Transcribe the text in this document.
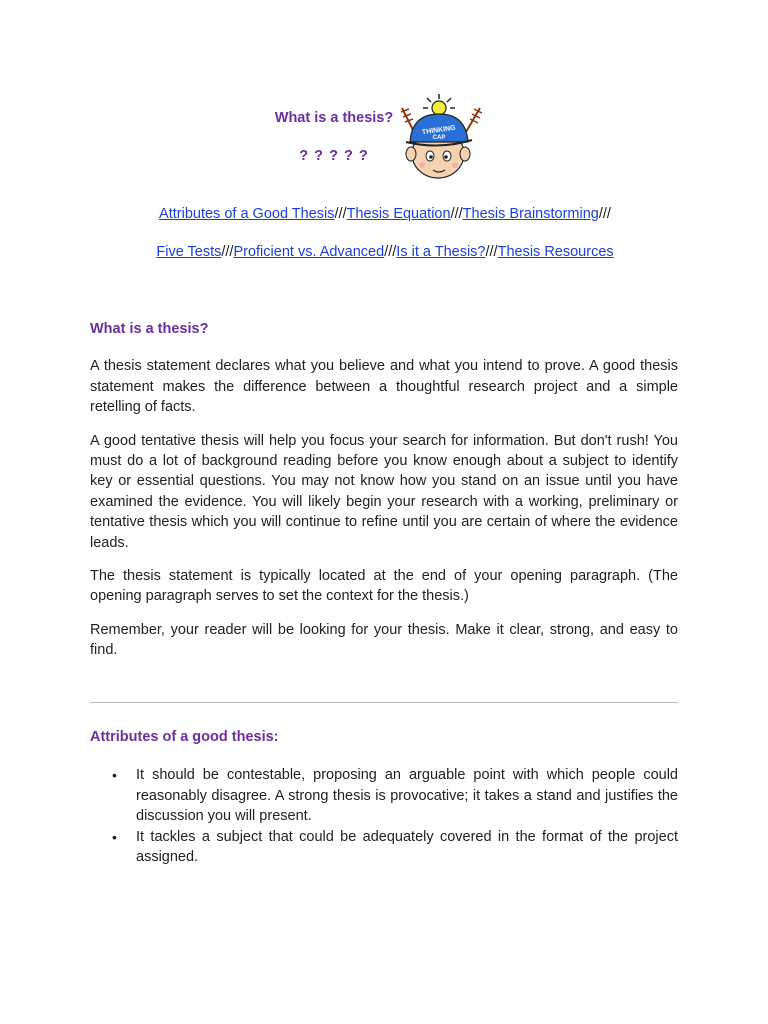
What is a thesis?
? ? ? ? ?
THINKING
CAP
Attributes of a Good Thesis///Thesis Equation///Thesis Brainstorming///
Five Tests///Proficient vs. Advanced///Is it a Thesis?///Thesis Resources
What is a thesis?

A thesis statement declares what you believe and what you intend to prove. A good thesis statement makes the difference between a thoughtful research project and a simple retelling of facts.

A good tentative thesis will help you focus your search for information. But don't rush! You must do a lot of background reading before you know enough about a subject to identify key or essential questions. You may not know how you stand on an issue until you have examined the evidence. You will likely begin your research with a working, preliminary or tentative thesis which you will continue to refine until you are certain of where the evidence leads.

The thesis statement is typically located at the end of your opening paragraph. (The opening paragraph serves to set the context for the thesis.)

Remember, your reader will be looking for your thesis. Make it clear, strong, and easy to find.

Attributes of a good thesis:
• It should be contestable, proposing an arguable point with which people could reasonably disagree. A strong thesis is provocative; it takes a stand and justifies the discussion you will present.
• It tackles a subject that could be adequately covered in the format of the project assigned.
